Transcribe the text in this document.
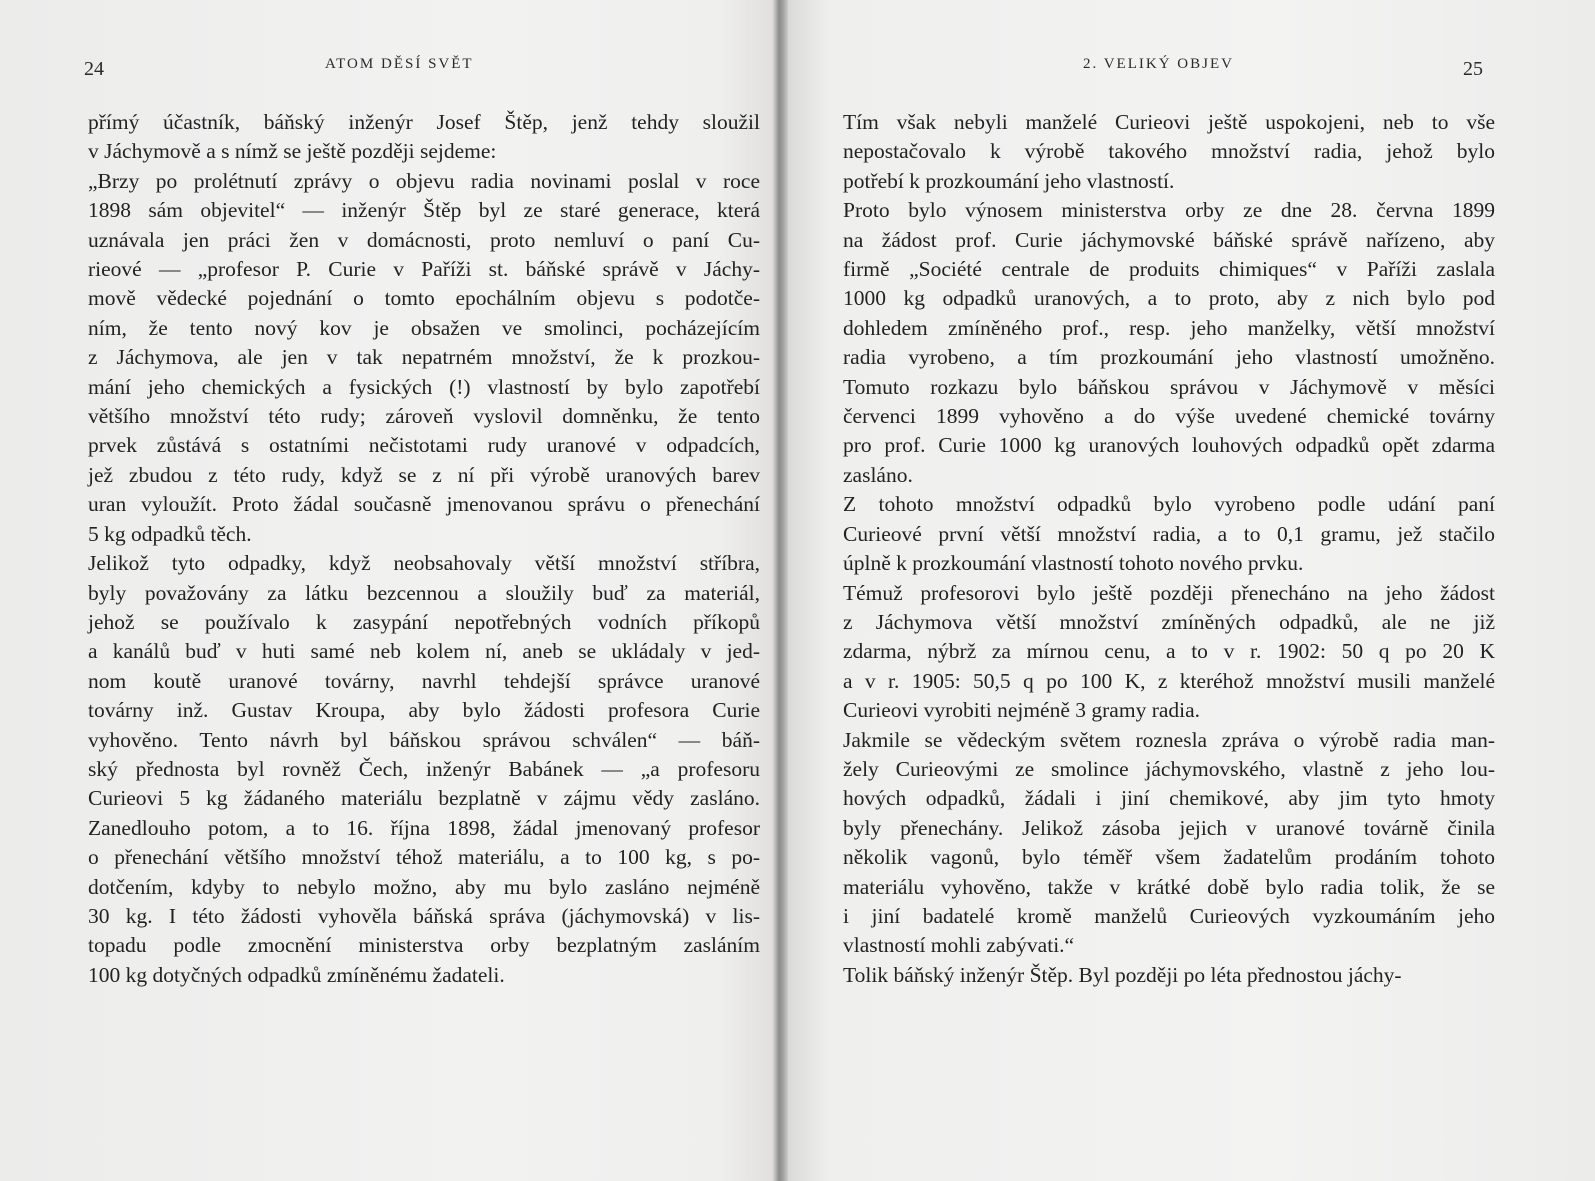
24	ATOM DĚSÍ SVĚT
přímý účastník, báňský inženýr Josef Štěp, jenž tehdy sloužil
v Jáchymově a s nímž se ještě později sejdeme:
„Brzy po prolétnutí zprávy o objevu radia novinami poslal v roce
1898 sám objevitel“ — inženýr Štěp byl ze staré generace, která
uznávala jen práci žen v domácnosti, proto nemluví o paní Cu-
rieové — „profesor P. Curie v Paříži st. báňské správě v Jáchy-
mově vědecké pojednání o tomto epochálním objevu s podotče-
ním, že tento nový kov je obsažen ve smolinci, pocházejícím
z Jáchymova, ale jen v tak nepatrném množství, že k prozkou-
mání jeho chemických a fysických (!) vlastností by bylo zapotřebí
většího množství této rudy; zároveň vyslovil domněnku, že tento
prvek zůstává s ostatními nečistotami rudy uranové v odpadcích,
jež zbudou z této rudy, když se z ní při výrobě uranových barev
uran vyloužít. Proto žádal současně jmenovanou správu o přenechání
5 kg odpadků těch.
Jelikož tyto odpadky, když neobsahovaly větší množství stříbra,
byly považovány za látku bezcennou a sloužily buď za materiál,
jehož se používalo k zasypání nepotřebných vodních příkopů
a kanálů buď v huti samé neb kolem ní, aneb se ukládaly v jed-
nom koutě uranové továrny, navrhl tehdejší správce uranové
továrny inž. Gustav Kroupa, aby bylo žádosti profesora Curie
vyhověno. Tento návrh byl báňskou správou schválen“ — báň-
ský přednosta byl rovněž Čech, inženýr Babánek — „a profesoru
Curieovi 5 kg žádaného materiálu bezplatně v zájmu vědy zasláno.
Zanedlouho potom, a to 16. října 1898, žádal jmenovaný profesor
o přenechání většího množství téhož materiálu, a to 100 kg, s po-
dotčením, kdyby to nebylo možno, aby mu bylo zasláno nejméně
30 kg. I této žádosti vyhověla báňská správa (jáchymovská) v lis-
topadu podle zmocnění ministerstva orby bezplatným zasláním
100 kg dotyčných odpadků zmíněnému žadateli.
2. VELIKÝ OBJEV	25
Tím však nebyli manželé Curieovi ještě uspokojeni, neb to vše
nepostačovalo k výrobě takového množství radia, jehož bylo
potřebí k prozkoumání jeho vlastností.
Proto bylo výnosem ministerstva orby ze dne 28. června 1899
na žádost prof. Curie jáchymovské báňské správě nařízeno, aby
firmě „Société centrale de produits chimiques“ v Paříži zaslala
1000 kg odpadků uranových, a to proto, aby z nich bylo pod
dohledem zmíněného prof., resp. jeho manželky, větší množství
radia vyrobeno, a tím prozkoumání jeho vlastností umožněno.
Tomuto rozkazu bylo báňskou správou v Jáchymově v měsíci
červenci 1899 vyhověno a do výše uvedené chemické továrny
pro prof. Curie 1000 kg uranových louhových odpadků opět zdarma
zasláno.
Z tohoto množství odpadků bylo vyrobeno podle udání paní
Curieové první větší množství radia, a to 0,1 gramu, jež stačilo
úplně k prozkoumání vlastností tohoto nového prvku.
Témuž profesorovi bylo ještě později přenecháno na jeho žádost
z Jáchymova větší množství zmíněných odpadků, ale ne již
zdarma, nýbrž za mírnou cenu, a to v r. 1902: 50 q po 20 K
a v r. 1905: 50,5 q po 100 K, z kteréhož množství musili manželé
Curieovi vyrobiti nejméně 3 gramy radia.
Jakmile se vědeckým světem roznesla zpráva o výrobě radia man-
žely Curieovými ze smolince jáchymovského, vlastně z jeho lou-
hových odpadků, žádali i jiní chemikové, aby jim tyto hmoty
byly přenechány. Jelikož zásoba jejich v uranové továrně činila
několik vagonů, bylo téměř všem žadatelům prodáním tohoto
materiálu vyhověno, takže v krátké době bylo radia tolik, že se
i jiní badatelé kromě manželů Curieových vyzkoumáním jeho
vlastností mohli zabývati.“
Tolik báňský inženýr Štěp. Byl později po léta přednostou jáchy-
